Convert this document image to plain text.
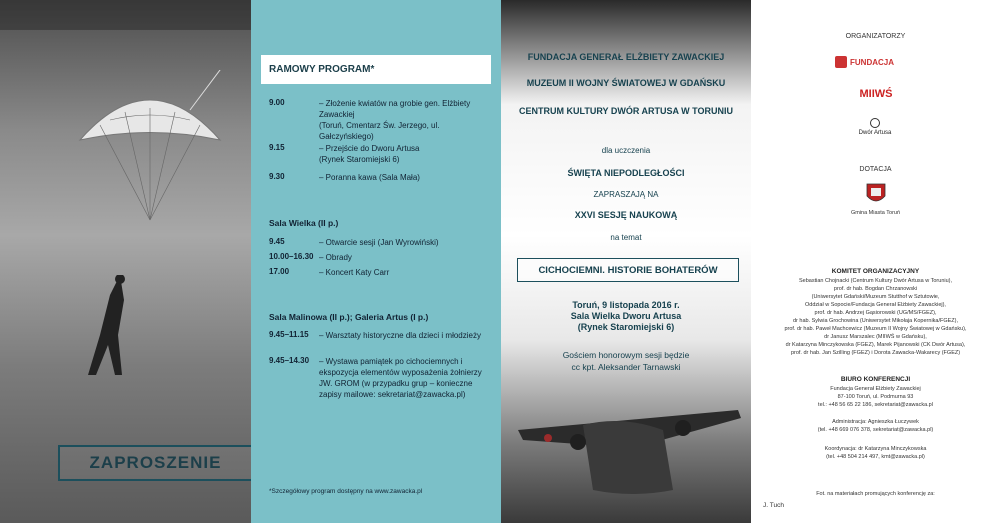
ZAPROSZENIE
RAMOWY PROGRAM*
9.00	– Złożenie kwiatów na grobie gen. Elżbiety Zawackiej
(Toruń, Cmentarz Św. Jerzego, ul. Gałczyńskiego)
9.15	– Przejście do Dworu Artusa
(Rynek Staromiejski 6)
9.30	– Poranna kawa (Sala Mała)
Sala Wielka (II p.)
9.45	– Otwarcie sesji (Jan Wyrowiński)
10.00–16.30 – Obrady
17.00	– Koncert Katy Carr
Sala Malinowa (II p.); Galeria Artus (I p.)
9.45–11.15	– Warsztaty historyczne dla dzieci i młodzieży
9.45–14.30	– Wystawa pamiątek po cichociemnych i ekspozycja elementów wyposażenia żołnierzy JW. GROM (w przypadku grup – konieczne zapisy mailowe: sekretariat@zawacka.pl)
*Szczegółowy program dostępny na www.zawacka.pl
FUNDACJA GENERAŁ ELŻBIETY ZAWACKIEJ
MUZEUM II WOJNY ŚWIATOWEJ W GDAŃSKU
CENTRUM KULTURY DWÓR ARTUSA W TORUNIU
dla uczczenia
ŚWIĘTA NIEPODLEGŁOŚCI
ZAPRASZAJĄ NA
XXVI SESJĘ NAUKOWĄ
na temat
CICHOCIEMNI. HISTORIE BOHATERÓW
Toruń, 9 listopada 2016 r.
Sala Wielka Dworu Artusa
(Rynek Staromiejski 6)
Gościem honorowym sesji będzie
cc kpt. Aleksander Tarnawski
ORGANIZATORZY
FUNDACJA
MIIWŚ
Dwór Artusa
DOTACJA
Gmina Miasta Toruń
KOMITET ORGANIZACYJNY
Sebastian Chojnacki (Centrum Kultury Dwór Artusa w Toruniu),
prof. dr hab. Bogdan Chrzanowski
(Uniwersytet Gdański/Muzeum Stutthof w Sztutowie,
Oddział w Sopocie/Fundacja Generał Elżbiety Zawackiej),
prof. dr hab. Andrzej Gąsiorowski (UG/MS/FGEZ),
dr hab. Sylwia Grochowina (Uniwersytet Mikołaja Kopernika/FGEZ),
prof. dr hab. Paweł Machcewicz (Muzeum II Wojny Światowej w Gdańsku),
dr Janusz Marszalec (MIIWŚ w Gdańsku),
dr Katarzyna Minczykowska (FGEZ), Marek Pijanowski (CK Dwór Artusa),
prof. dr hab. Jan Szilling (FGEZ) i Dorota Zawacka-Wakarecy (FGEZ)
BIURO KONFERENCJI
Fundacja Generał Elżbiety Zawackiej
87-100 Toruń, ul. Podmurna 93
tel.: +48 56 65 22 186, sekretariat@zawacka.pl
Administracja: Agnieszka Łuczywek
(tel. +48 669 076 378, sekretariat@zawacka.pl)
Koordynacja: dr Katarzyna Minczykowska
(tel. +48 504 214 497, kmt@zawacka.pl)
Fot. na materiałach promujących konferencję za:
J. Tuch
